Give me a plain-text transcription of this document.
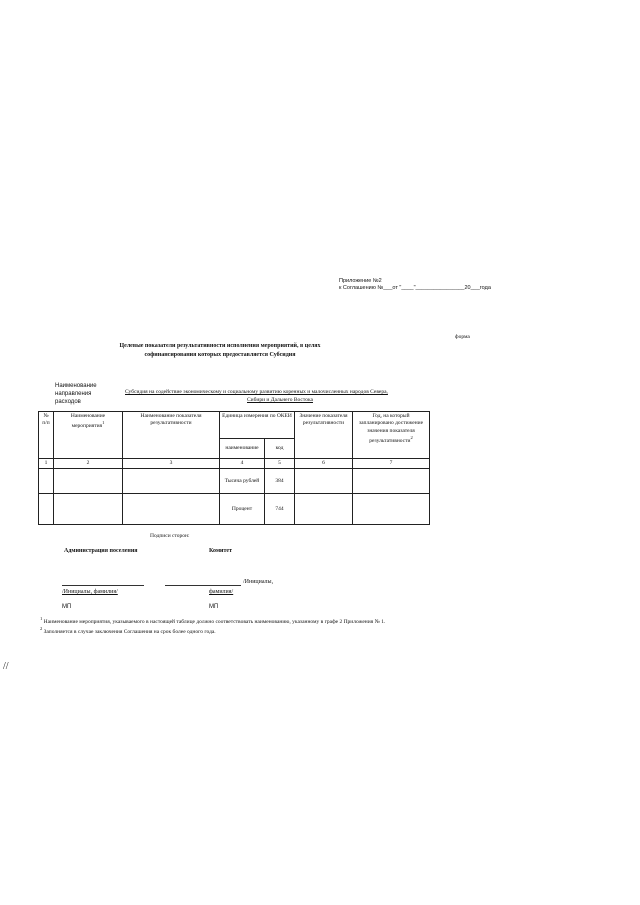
Приложение №2
к Соглашению №___от "____"________________20___года
форма
Целевые показатели результативности исполнения мероприятий, в целях
софинансирования которых предоставляется Субсидия
Наименование
направления
расходов
Субсидия на содействие экономическому и социальному развитию коренных и малочисленных народов Севера,
Сибири и Дальнего Востока
№ п/п	Наименование мероприятия$^1$	Наименование показателя результативности	Единица измерения по ОКЕИ		Значение показателя результативности	Год, на который запланировано достижение значения показателя результативности$^2$
			наименование	код		
1	2	3	4	5	6	7
			Тысяча рублей	384		
			Процент	744		
Подписи сторон:
Администрация поселения	Комитет
/Инициалы,
/Инициалы, фамилия/	фамилия/
МП	МП
$^1$ Наименование мероприятия, указываемого в настоящей таблице должно соответствовать наименованию, указанному в графе 2 Приложения № 1.
$^2$ Заполняется в случае заключения Соглашения на срок более одного года.
//
